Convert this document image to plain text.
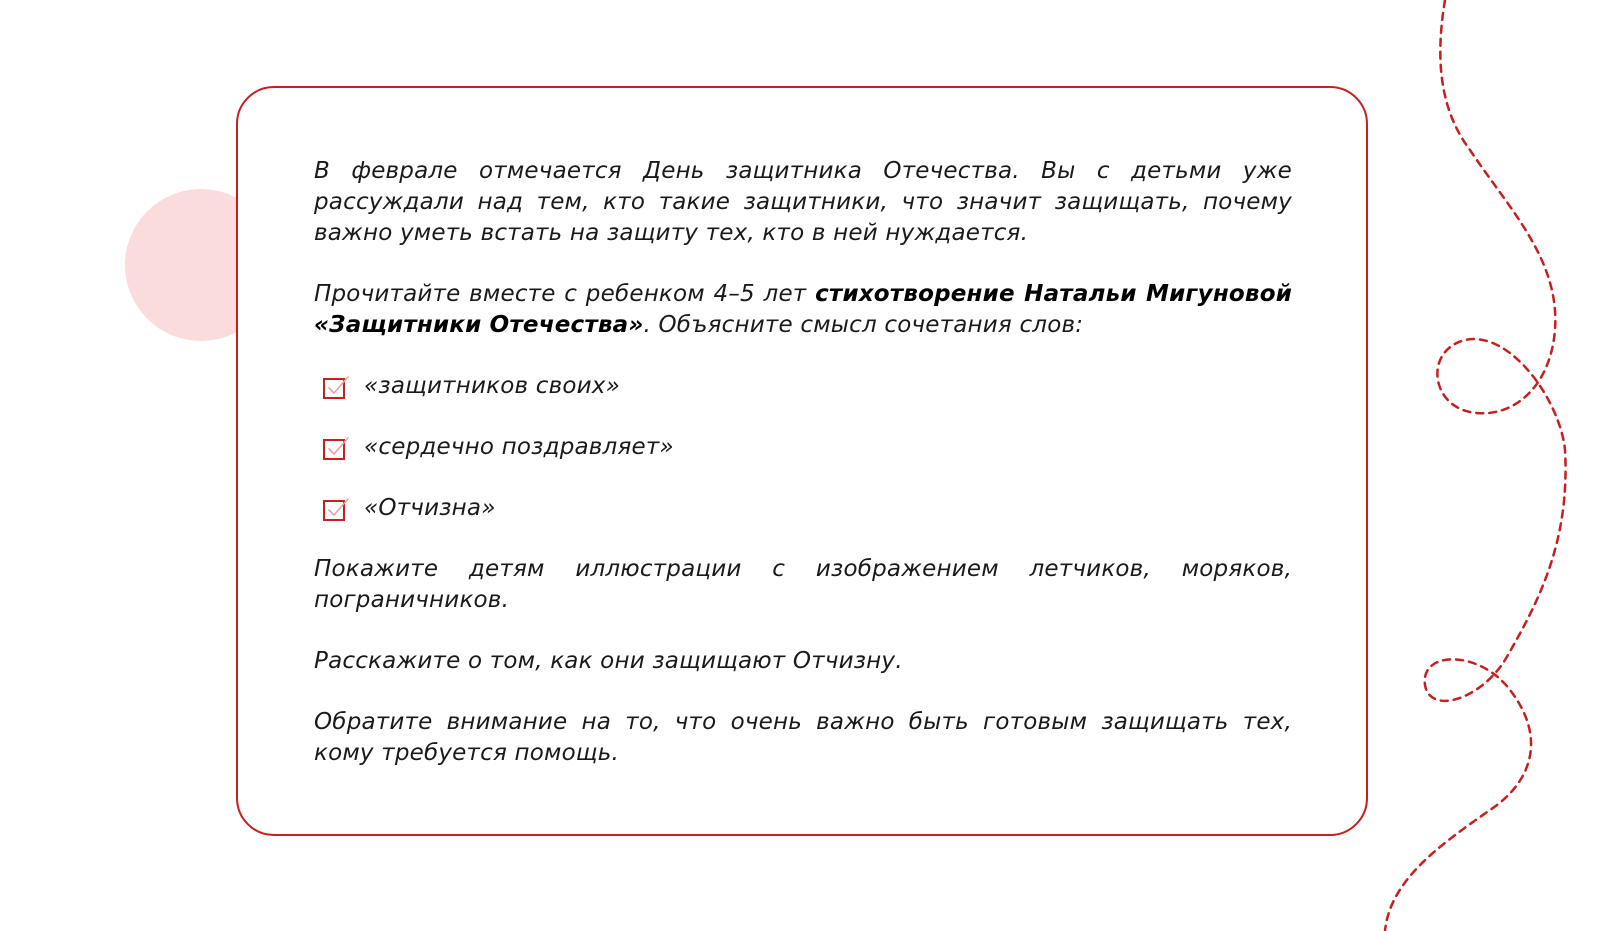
В феврале отмечается День защитника Отечества. Вы с детьми уже рассуждали над тем, кто такие защитники, что значит защищать, почему важно уметь встать на защиту тех, кто в ней нуждается.

Прочитайте вместе с ребенком 4–5 лет стихотворение Натальи Мигуновой «Защитники Отечества». Объясните смысл сочетания слов:

«защитников своих»
«сердечно поздравляет»
«Отчизна»

Покажите детям иллюстрации с изображением летчиков, моряков, пограничников.

Расскажите о том, как они защищают Отчизну.

Обратите внимание на то, что очень важно быть готовым защищать тех, кому требуется помощь.
